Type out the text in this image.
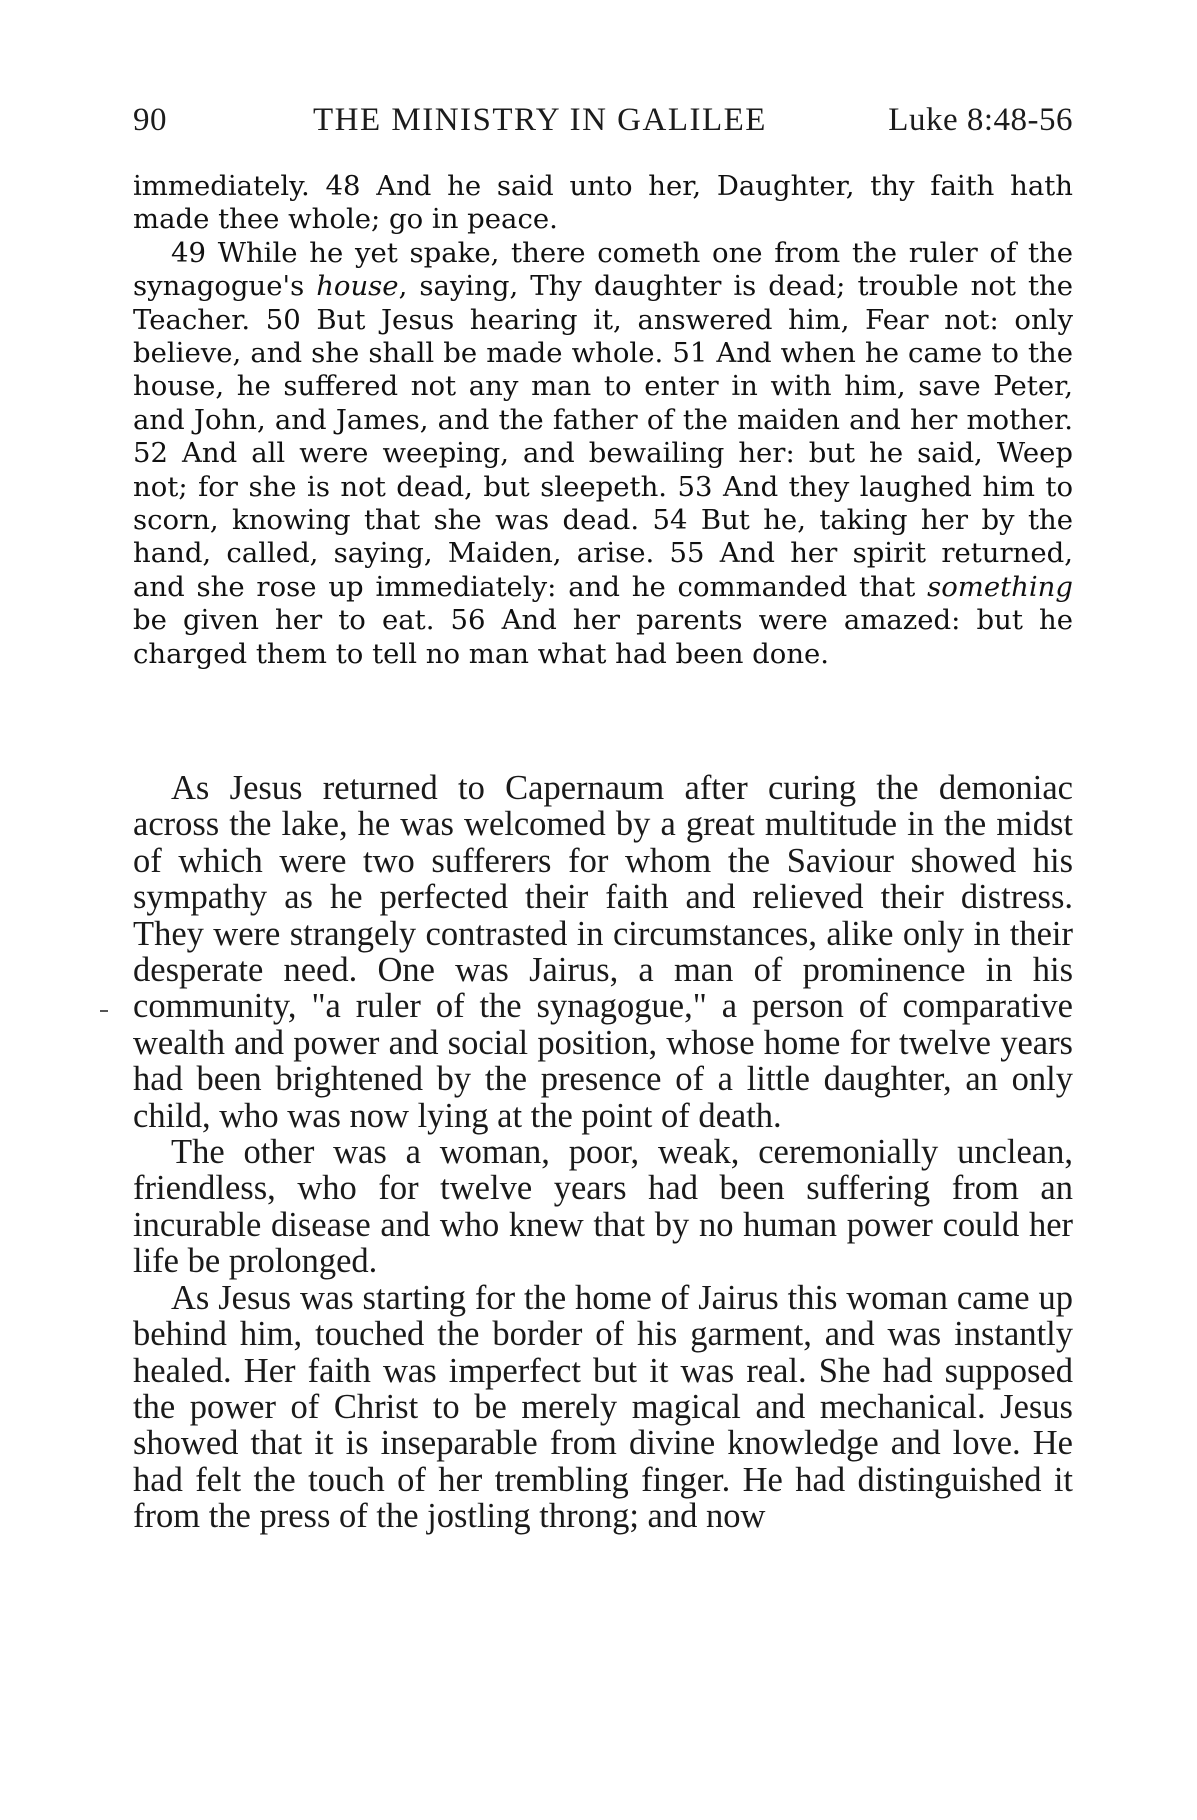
90	THE MINISTRY IN GALILEE	Luke 8:48-56

immediately. 48 And he said unto her, Daughter, thy faith hath made thee whole; go in peace.

49 While he yet spake, there cometh one from the ruler of the synagogue's house, saying, Thy daughter is dead; trouble not the Teacher. 50 But Jesus hearing it, answered him, Fear not: only believe, and she shall be made whole. 51 And when he came to the house, he suffered not any man to enter in with him, save Peter, and John, and James, and the father of the maiden and her mother. 52 And all were weeping, and bewailing her: but he said, Weep not; for she is not dead, but sleepeth. 53 And they laughed him to scorn, knowing that she was dead. 54 But he, taking her by the hand, called, saying, Maiden, arise. 55 And her spirit returned, and she rose up immediately: and he commanded that something be given her to eat. 56 And her parents were amazed: but he charged them to tell no man what had been done.

As Jesus returned to Capernaum after curing the demoniac across the lake, he was welcomed by a great multitude in the midst of which were two sufferers for whom the Saviour showed his sympathy as he perfected their faith and relieved their distress. They were strangely contrasted in circumstances, alike only in their desperate need. One was Jairus, a man of prominence in his community, "a ruler of the synagogue," a person of comparative wealth and power and social position, whose home for twelve years had been brightened by the presence of a little daughter, an only child, who was now lying at the point of death.

The other was a woman, poor, weak, ceremonially unclean, friendless, who for twelve years had been suffering from an incurable disease and who knew that by no human power could her life be prolonged.

As Jesus was starting for the home of Jairus this woman came up behind him, touched the border of his garment, and was instantly healed. Her faith was imperfect but it was real. She had supposed the power of Christ to be merely magical and mechanical. Jesus showed that it is inseparable from divine knowledge and love. He had felt the touch of her trembling finger. He had distinguished it from the press of the jostling throng; and now
